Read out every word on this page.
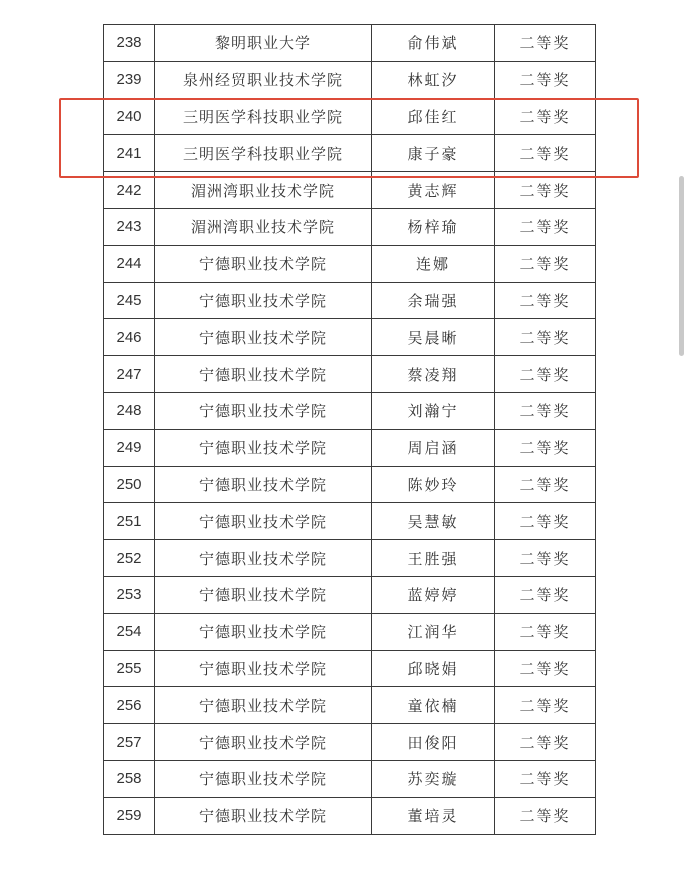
238	黎明职业大学	俞伟斌	二等奖
239	泉州经贸职业技术学院	林虹汐	二等奖
240	三明医学科技职业学院	邱佳红	二等奖
241	三明医学科技职业学院	康子豪	二等奖
242	湄洲湾职业技术学院	黄志辉	二等奖
243	湄洲湾职业技术学院	杨梓瑜	二等奖
244	宁德职业技术学院	连娜	二等奖
245	宁德职业技术学院	余瑞强	二等奖
246	宁德职业技术学院	吴晨晰	二等奖
247	宁德职业技术学院	蔡凌翔	二等奖
248	宁德职业技术学院	刘瀚宁	二等奖
249	宁德职业技术学院	周启涵	二等奖
250	宁德职业技术学院	陈妙玲	二等奖
251	宁德职业技术学院	吴慧敏	二等奖
252	宁德职业技术学院	王胜强	二等奖
253	宁德职业技术学院	蓝婷婷	二等奖
254	宁德职业技术学院	江润华	二等奖
255	宁德职业技术学院	邱晓娟	二等奖
256	宁德职业技术学院	童依楠	二等奖
257	宁德职业技术学院	田俊阳	二等奖
258	宁德职业技术学院	苏奕璇	二等奖
259	宁德职业技术学院	董培灵	二等奖
